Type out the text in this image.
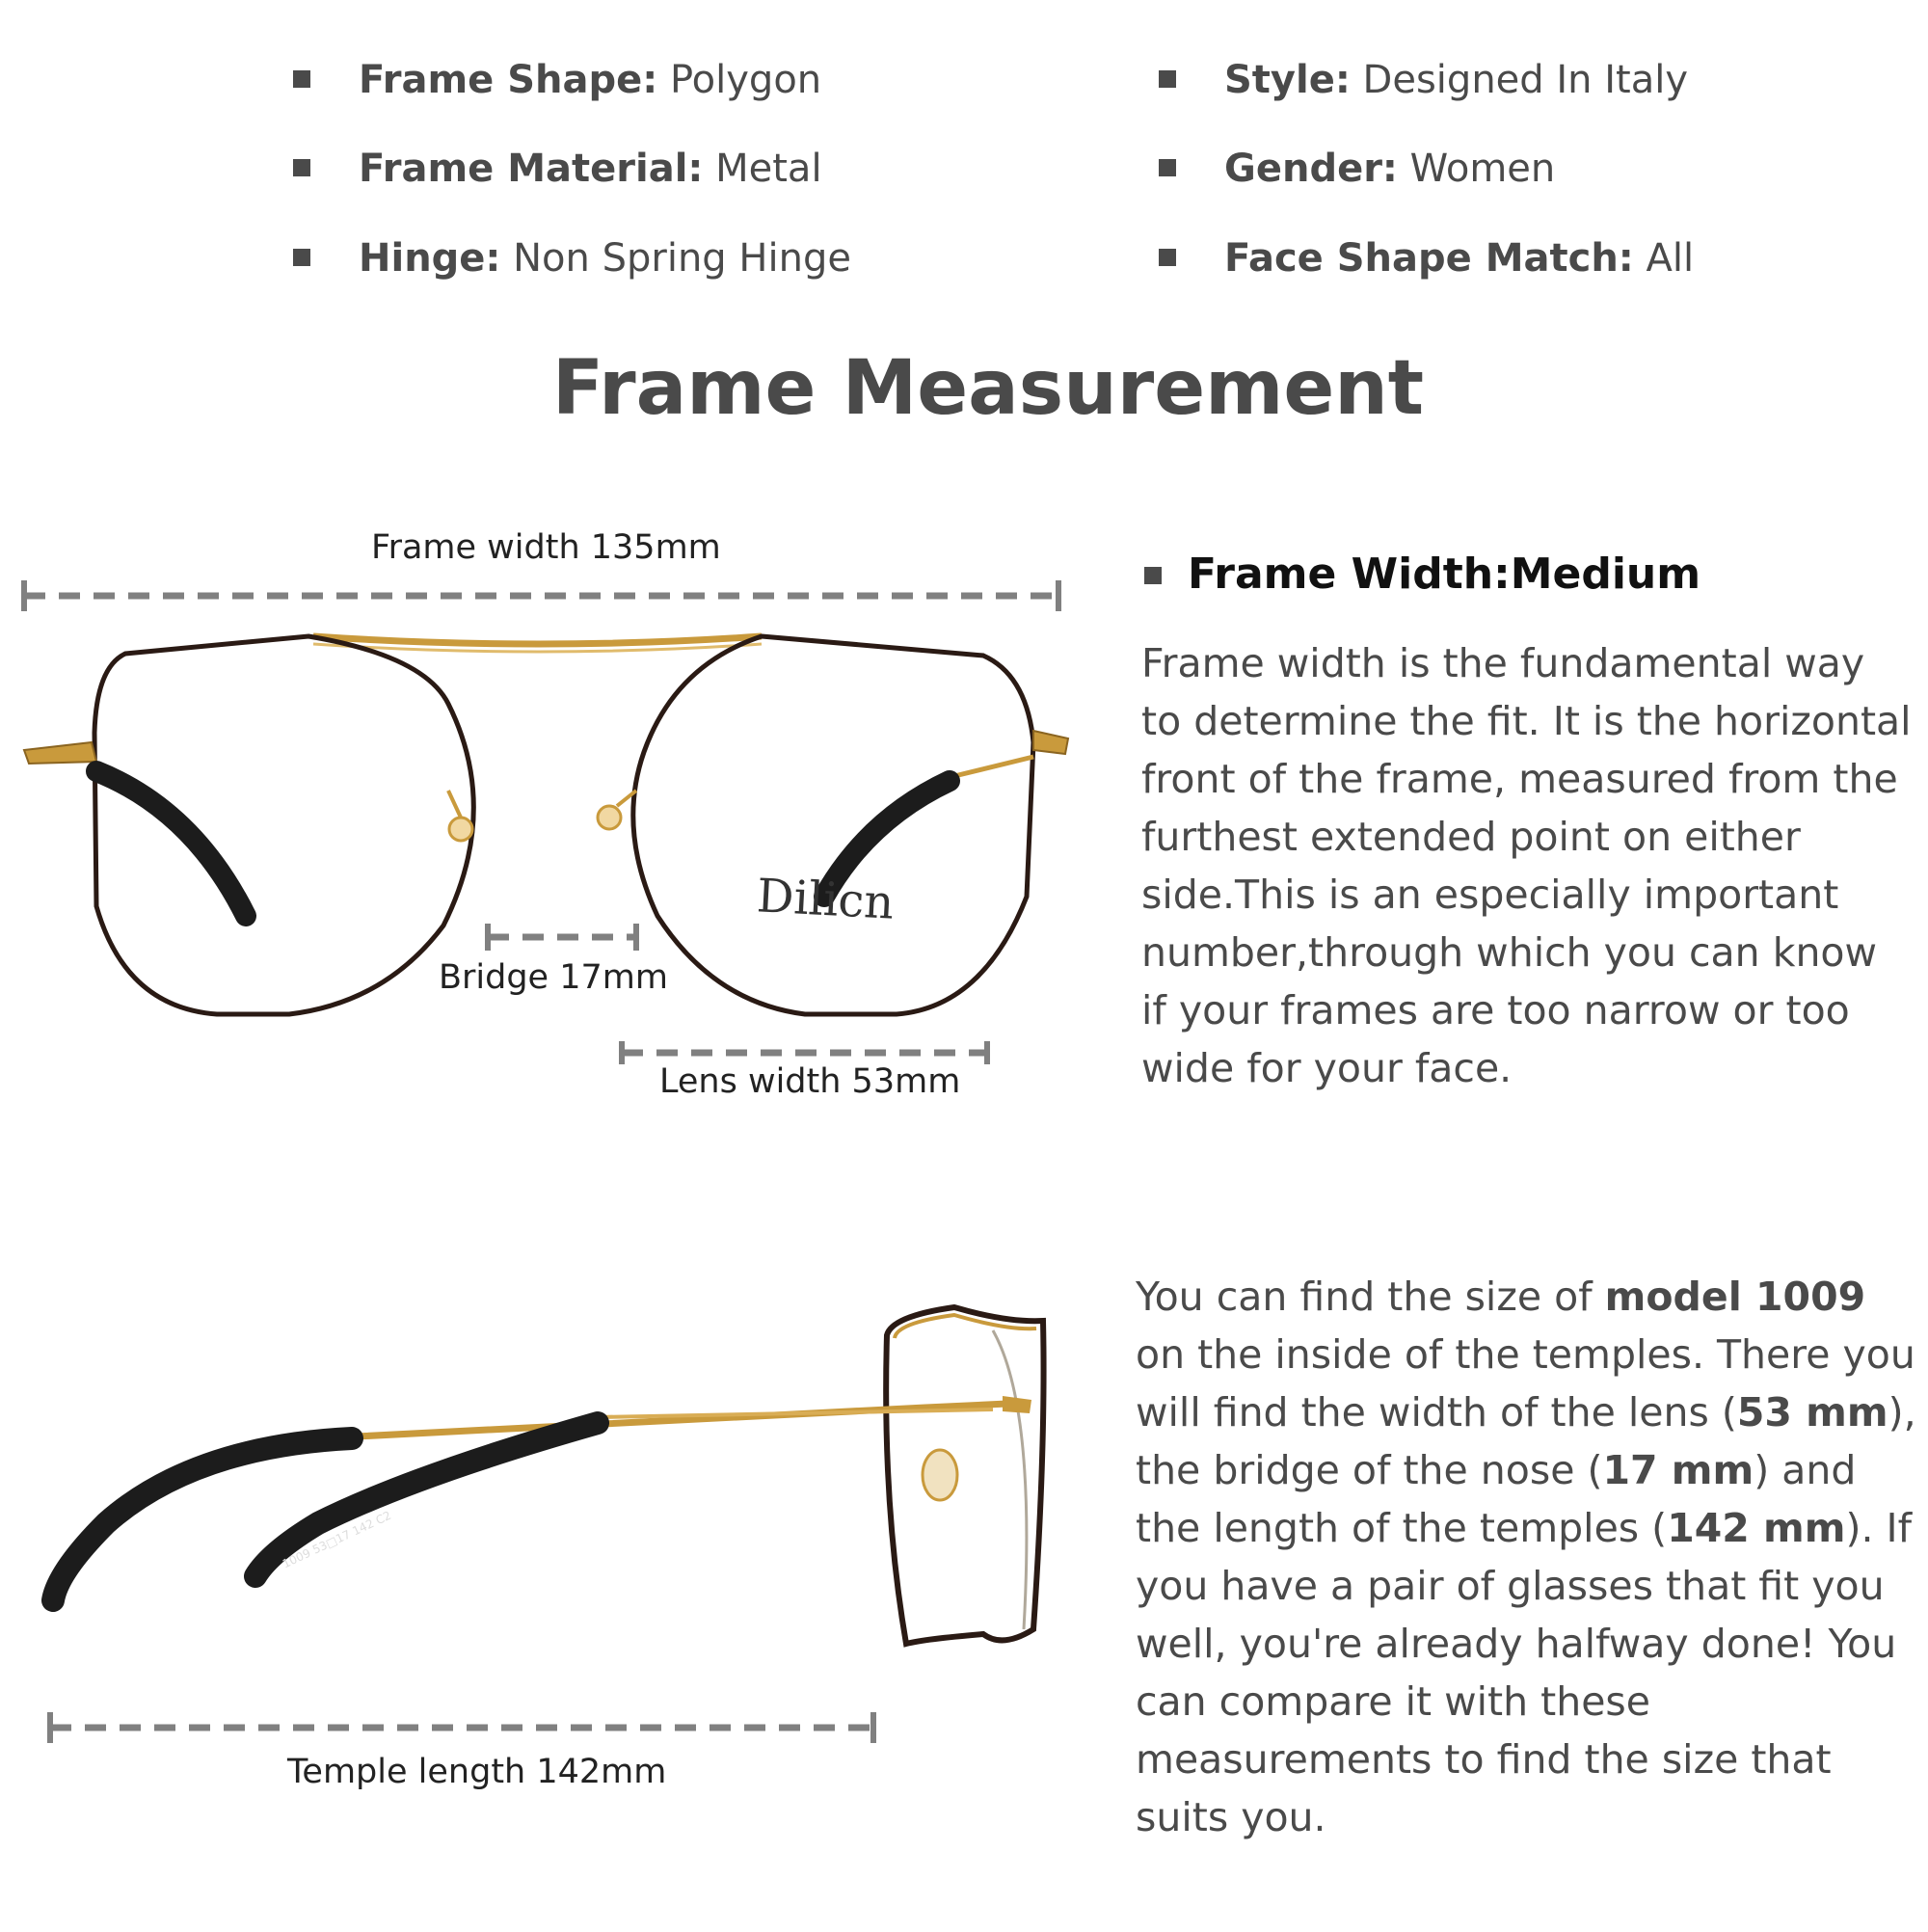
Frame Shape: Polygon
Frame Material: Metal
Hinge: Non Spring Hinge
Style: Designed In Italy
Gender: Women
Face Shape Match: All
Frame Measurement
Dilicn
1009 53□17 142 C2
Frame width 135mm
Bridge 17mm
Lens width 53mm
Temple length 142mm
Frame Width:Medium
Frame width is the fundamental way to determine the fit. It is the horizontal front of the frame, measured from the furthest extended point on either side.This is an especially important number,through which you can know if your frames are too narrow or too wide for your face.
You can find the size of model 1009 on the inside of the temples. There you will find the width of the lens (53 mm), the bridge of the nose (17 mm) and the length of the temples (142 mm). If you have a pair of glasses that fit you well, you're already halfway done! You can compare it with these measurements to find the size that suits you.
